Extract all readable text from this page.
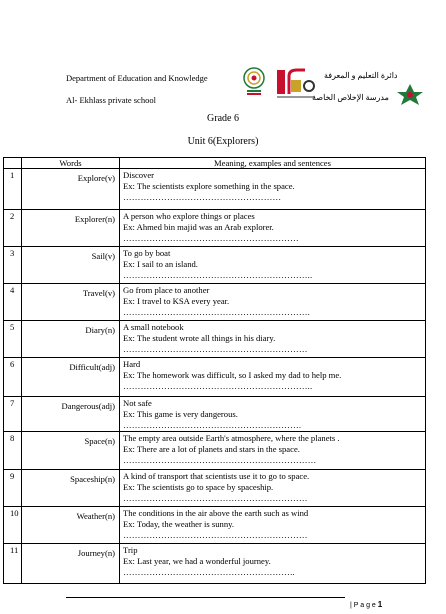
Department of Education and Knowledge
Al- Ekhlass private school
دائرة التعليم و المعرفة
مدرسة الإخلاص الخاصة
Grade 6
Unit 6(Explorers)
	Words	Meaning, examples and sentences
1	Explore(v)	Discover
Ex: The scientists explore something in the space.
………………………………………………

2	Explorer(n)	A person who explore things or places
Ex: Ahmed bin majid was an Arab explorer.
……………………………………………………

3	Sail(v)	To go by boat
Ex: I sail to an island.
………………………………………………………..

4	Travel(v)	Go from place to another
Ex: I travel to KSA every year.
……………………………………………………….

5	Diary(n)	A small notebook
Ex: The student wrote all things in his diary.
………………………………………………………

6	Difficult(adj)	Hard
Ex: The homework was difficult, so I asked my dad to help me.
………………………………………………………..

7	Dangerous(adj)	Not safe
Ex: This game is very dangerous.
…………………………………………………….

8	Space(n)	The empty area outside Earth's atmosphere, where the planets .
Ex: There are a lot of planets and stars in the space.
…………………………………………………………

9	Spaceship(n)	A kind of transport that scientists use it to go to space.
Ex: The scientists go to space by spaceship.
………………………………………………………

10	Weather(n)	The conditions in the air above the earth such as wind
Ex: Today, the weather is sunny.
………………………………………………………

11	Journey(n)	Trip
Ex: Last year, we had a wonderful journey.
…………………………………………………..
| P a g e 1
